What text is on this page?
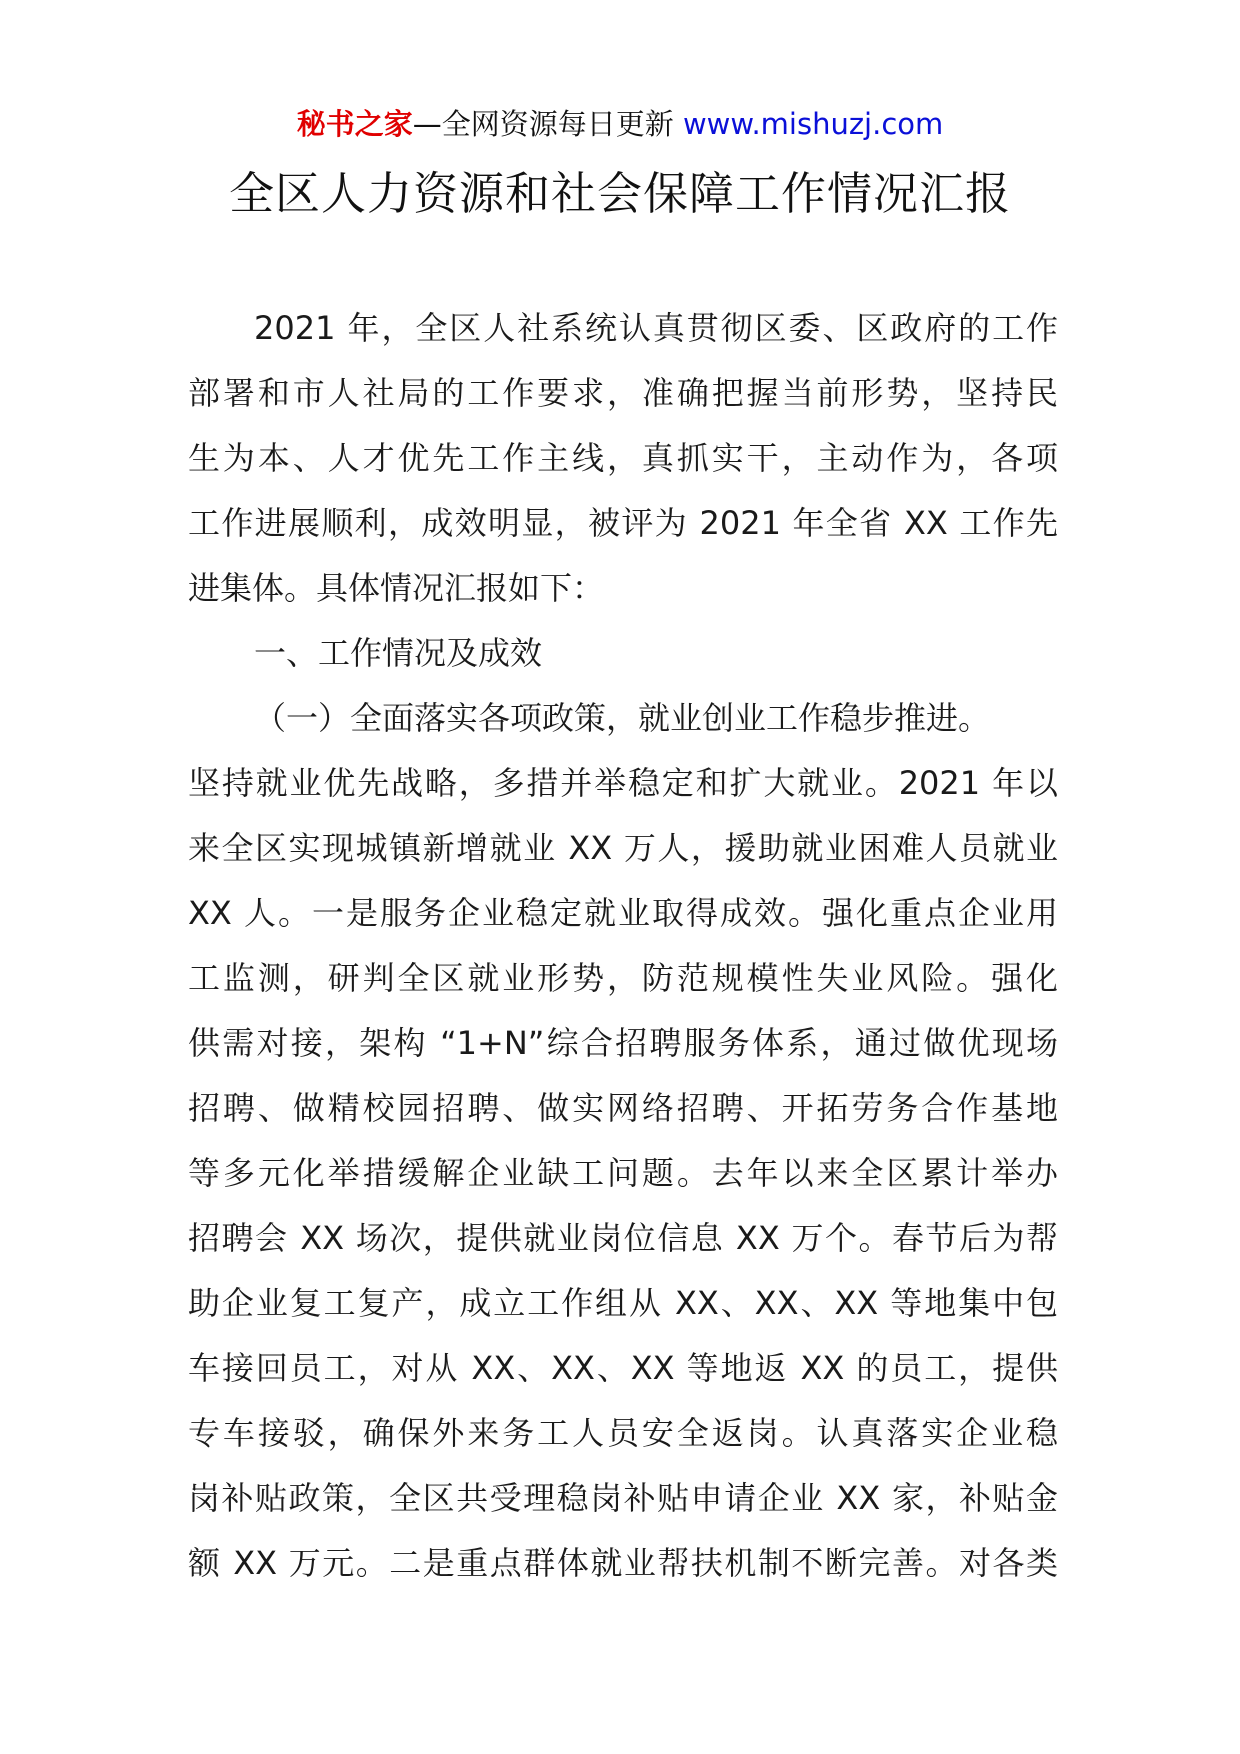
秘书之家—全网资源每日更新 www.mishuzj.com
全区人力资源和社会保障工作情况汇报
2021 年，全区人社系统认真贯彻区委、区政府的工作
部署和市人社局的工作要求，准确把握当前形势，坚持民
生为本、人才优先工作主线，真抓实干，主动作为，各项
工作进展顺利，成效明显，被评为 2021 年全省 XX 工作先
进集体。具体情况汇报如下：
一、工作情况及成效
（一）全面落实各项政策，就业创业工作稳步推进。
坚持就业优先战略，多措并举稳定和扩大就业。2021 年以
来全区实现城镇新增就业 XX 万人，援助就业困难人员就业
XX 人。一是服务企业稳定就业取得成效。强化重点企业用
工监测，研判全区就业形势，防范规模性失业风险。强化
供需对接，架构 “1+N”综合招聘服务体系，通过做优现场
招聘、做精校园招聘、做实网络招聘、开拓劳务合作基地
等多元化举措缓解企业缺工问题。去年以来全区累计举办
招聘会 XX 场次，提供就业岗位信息 XX 万个。春节后为帮
助企业复工复产，成立工作组从 XX、XX、XX 等地集中包
车接回员工，对从 XX、XX、XX 等地返 XX 的员工，提供
专车接驳，确保外来务工人员安全返岗。认真落实企业稳
岗补贴政策，全区共受理稳岗补贴申请企业 XX 家，补贴金
额 XX 万元。二是重点群体就业帮扶机制不断完善。对各类
